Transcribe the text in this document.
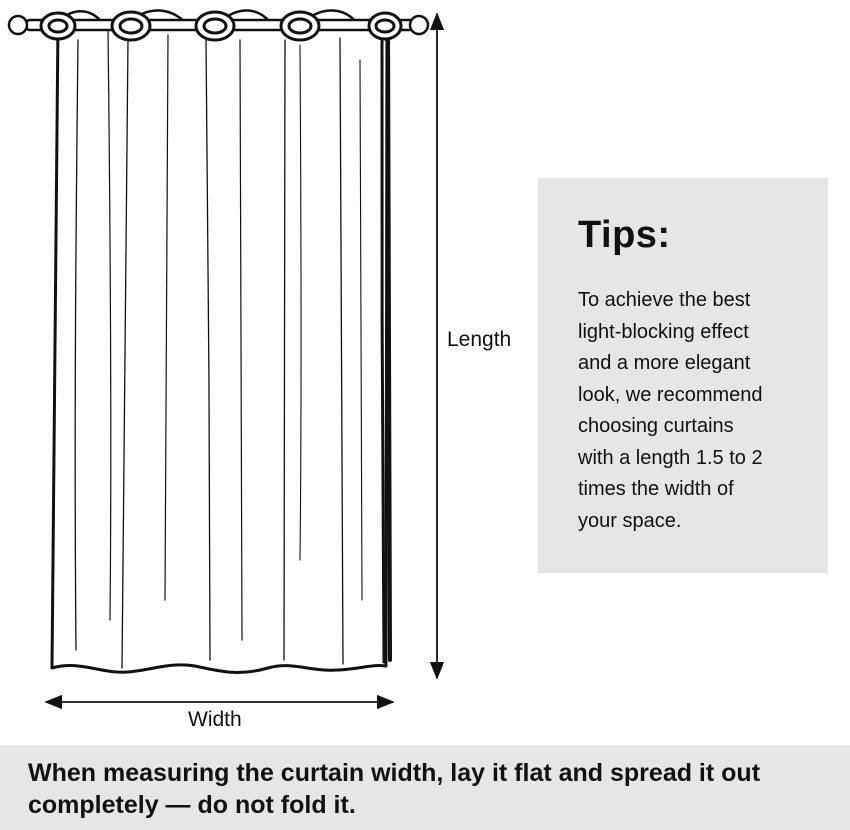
Length
Width
Tips:
To achieve the best
light-blocking effect
and a more elegant
look, we recommend
choosing curtains
with a length 1.5 to 2
times the width of
your space.
When measuring the curtain width, lay it flat and spread it out
completely — do not fold it.
